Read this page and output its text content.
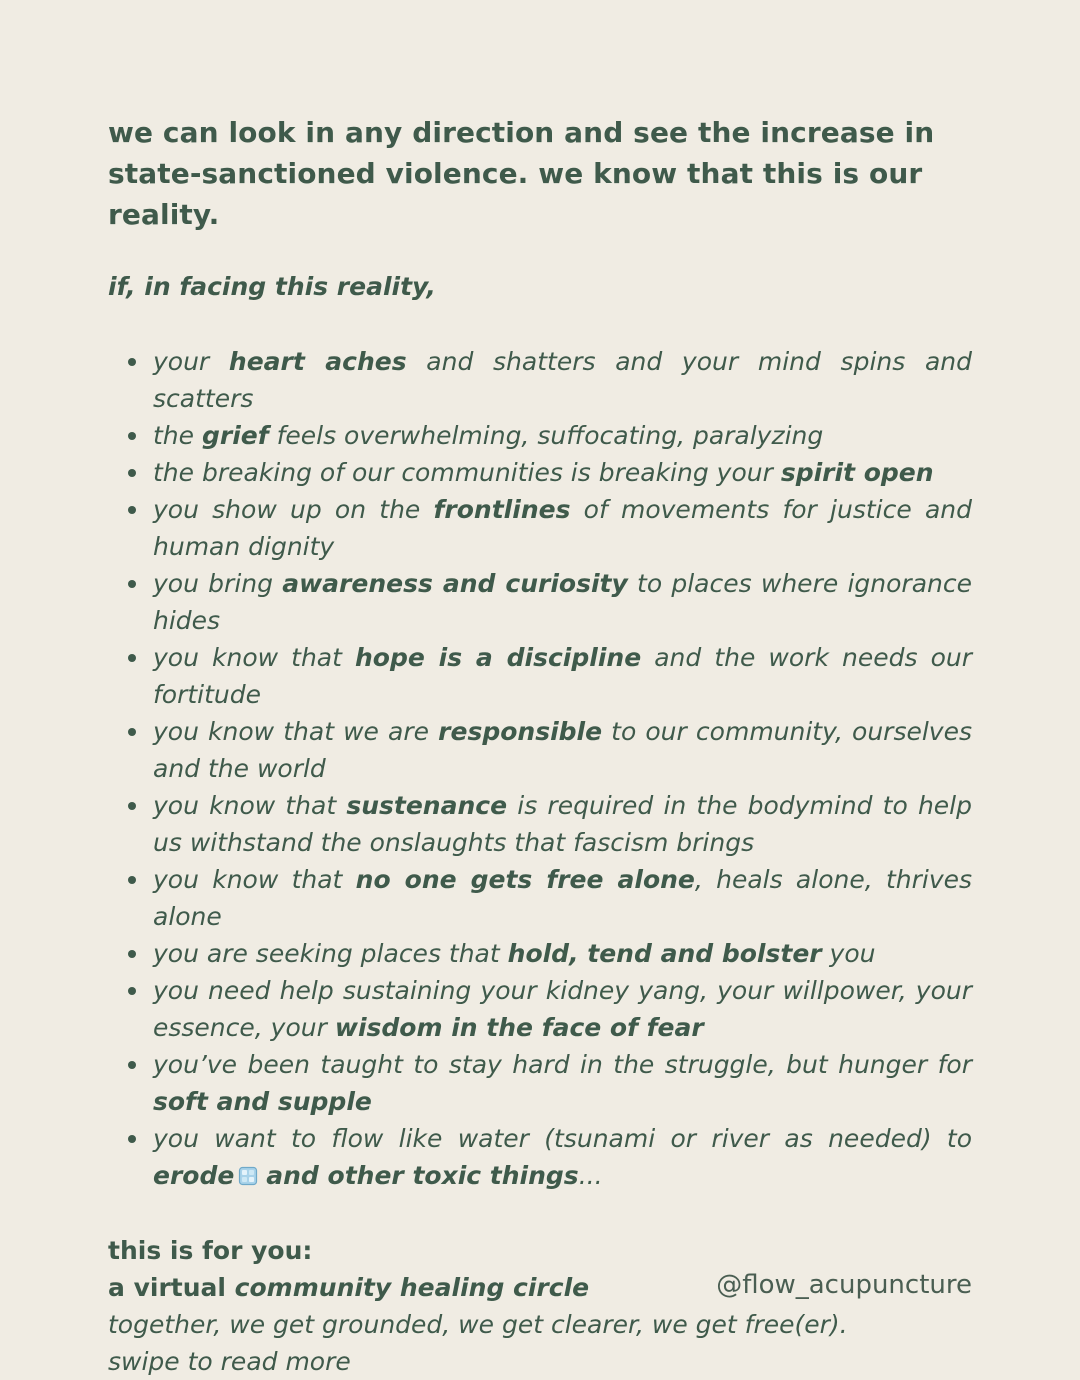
we can look in any direction and see the increase in state-sanctioned violence. we know that this is our reality.

if, in facing this reality,

your heart aches and shatters and your mind spins and scatters
the grief feels overwhelming, suffocating, paralyzing
the breaking of our communities is breaking your spirit open
you show up on the frontlines of movements for justice and human dignity
you bring awareness and curiosity to places where ignorance hides
you know that hope is a discipline and the work needs our fortitude
you know that we are responsible to our community, ourselves and the world
you know that sustenance is required in the bodymind to help us withstand the onslaughts that fascism brings
you know that no one gets free alone, heals alone, thrives alone
you are seeking places that hold, tend and bolster you
you need help sustaining your kidney yang, your willpower, your essence, your wisdom in the face of fear
you’ve been taught to stay hard in the struggle, but hunger for soft and supple
you want to flow like water (tsunami or river as needed) to erode and other toxic things...
this is for you:
a virtual community healing circle
together, we get grounded, we get clearer, we get free(er).
swipe to read more
@flow_acupuncture
